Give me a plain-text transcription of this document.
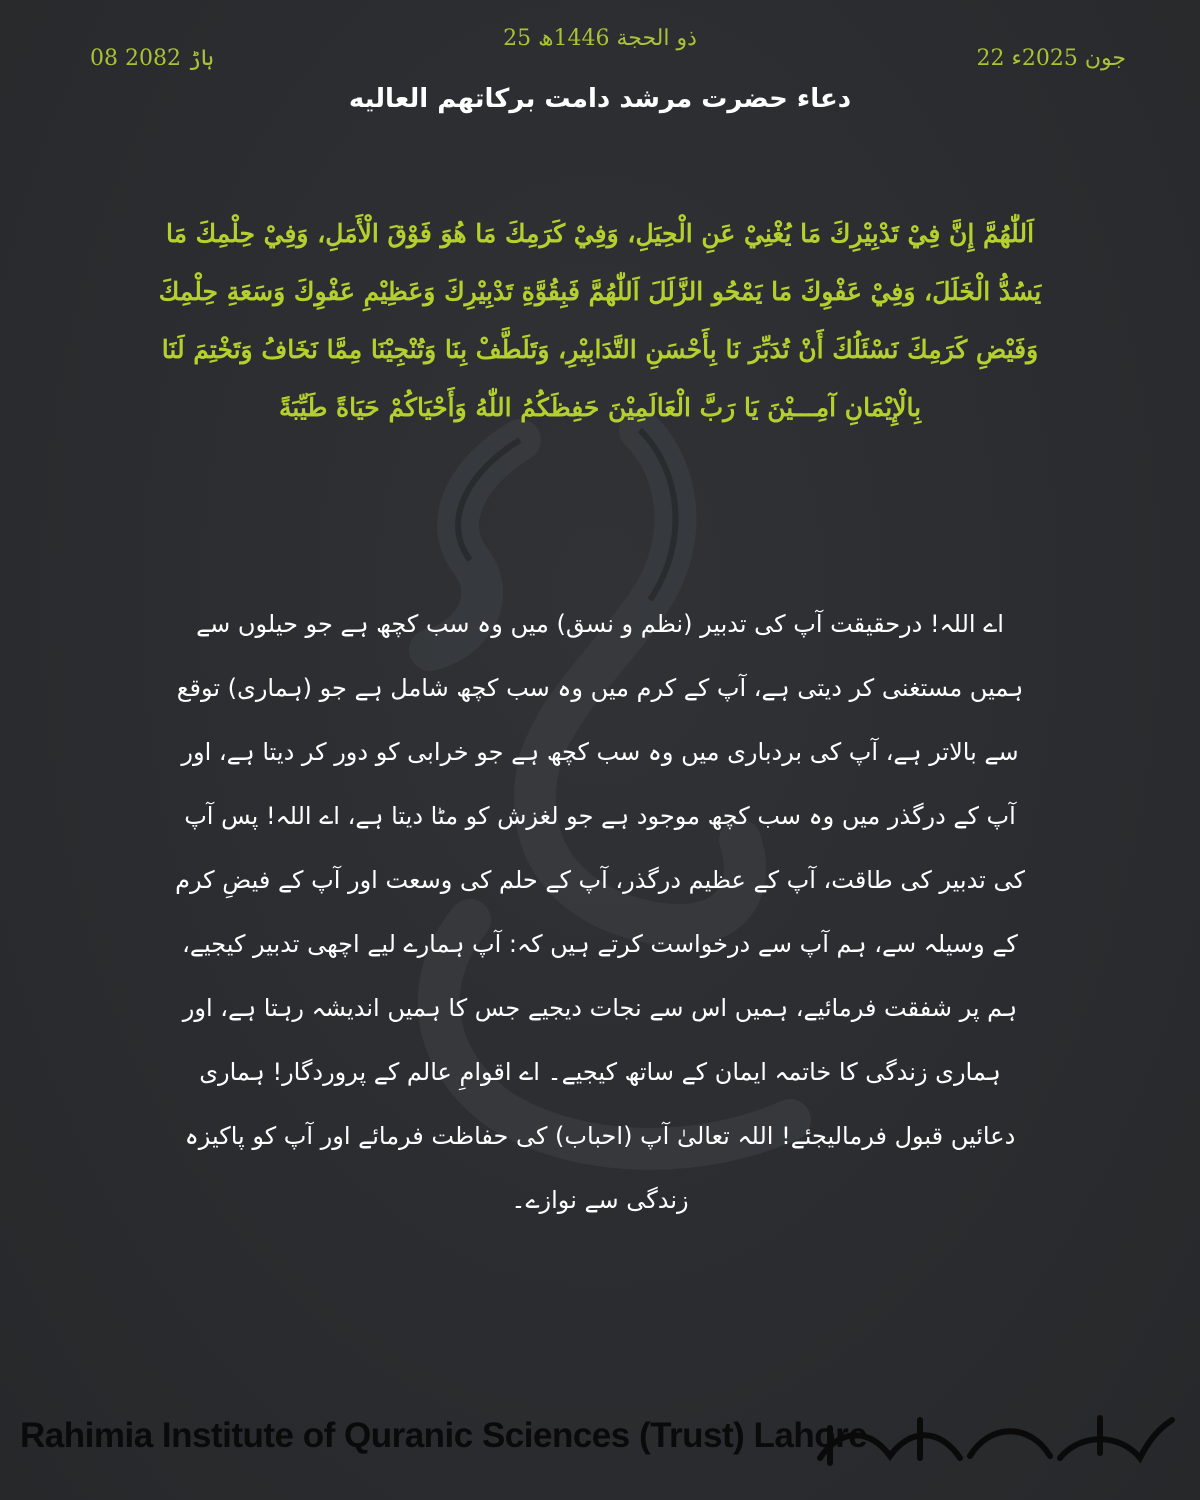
25 ذو الحجة 1446ھ
22 جون 2025ء
08 ہاڑ 2082
دعاء حضرت مرشد دامت برکاتهم العاليه
اَللّٰهُمَّ إِنَّ فِيْ تَدْبِيْرِكَ مَا يُغْنِيْ عَنِ الْحِيَلِ، وَفِيْ كَرَمِكَ مَا هُوَ فَوْقَ الْأَمَلِ، وَفِيْ حِلْمِكَ مَا يَسُدُّ الْخَلَلَ، وَفِيْ عَفْوِكَ مَا يَمْحُو الزَّلَلَ اَللّٰهُمَّ فَبِقُوَّةِ تَدْبِيْرِكَ وَعَظِيْمِ عَفْوِكَ وَسَعَةِ حِلْمِكَ وَفَيْضِ كَرَمِكَ نَسْئَلُكَ أَنْ تُدَبِّرَ نَا بِأَحْسَنِ التَّدَابِيْرِ، وَتَلَطَّفْ بِنَا وَتُنْجِيْنَا مِمَّا نَخَافُ وَتَخْتِمَ لَنَا بِالْإِيْمَانِ آمِـــيْنَ يَا رَبَّ الْعَالَمِيْنَ حَفِظَكُمُ اللّٰهُ وَأَحْيَاكُمْ حَيَاةً طَيِّبَةً
اے اللہ! درحقیقت آپ کی تدبیر (نظم و نسق) میں وہ سب کچھ ہے جو حیلوں سے ہمیں مستغنی کر دیتی ہے، آپ کے کرم میں وہ سب کچھ شامل ہے جو (ہماری) توقع سے بالاتر ہے، آپ کی بردباری میں وہ سب کچھ ہے جو خرابی کو دور کر دیتا ہے، اور آپ کے درگذر میں وہ سب کچھ موجود ہے جو لغزش کو مٹا دیتا ہے، اے اللہ! پس آپ کی تدبیر کی طاقت، آپ کے عظیم درگذر، آپ کے حلم کی وسعت اور آپ کے فیضِ کرم کے وسیلہ سے، ہم آپ سے درخواست کرتے ہیں کہ: آپ ہمارے لیے اچھی تدبیر کیجیے، ہم پر شفقت فرمائیے، ہمیں اس سے نجات دیجیے جس کا ہمیں اندیشہ رہتا ہے، اور ہماری زندگی کا خاتمہ ایمان کے ساتھ کیجیے۔ اے اقوامِ عالم کے پروردگار! ہماری دعائیں قبول فرمالیجئے! اللہ تعالیٰ آپ (احباب) کی حفاظت فرمائے اور آپ کو پاکیزہ زندگی سے نوازے۔
Rahimia Institute of Quranic Sciences (Trust) Lahore
